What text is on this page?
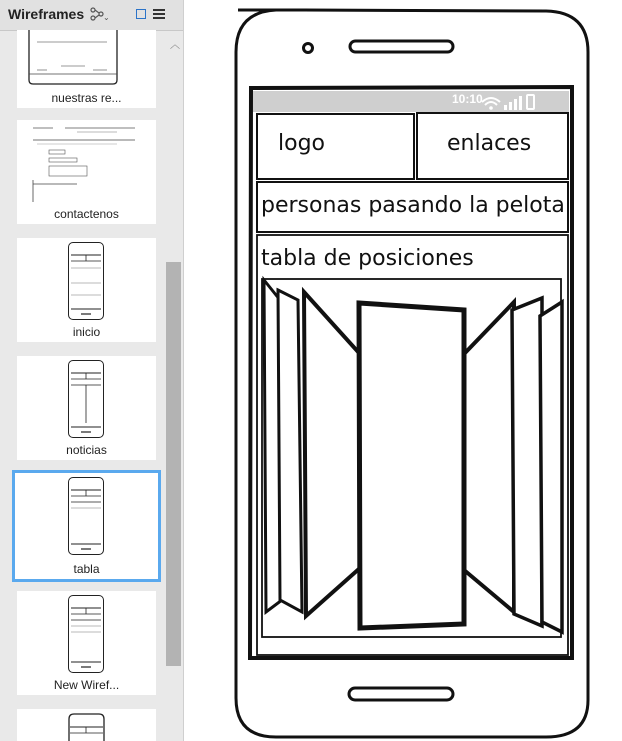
Wireframes ⌄
︿
nuestras re...
contactenos
inicio
noticias
tabla
New Wiref...
10:10
logo	enlaces
personas pasando la pelota
tabla de posiciones
